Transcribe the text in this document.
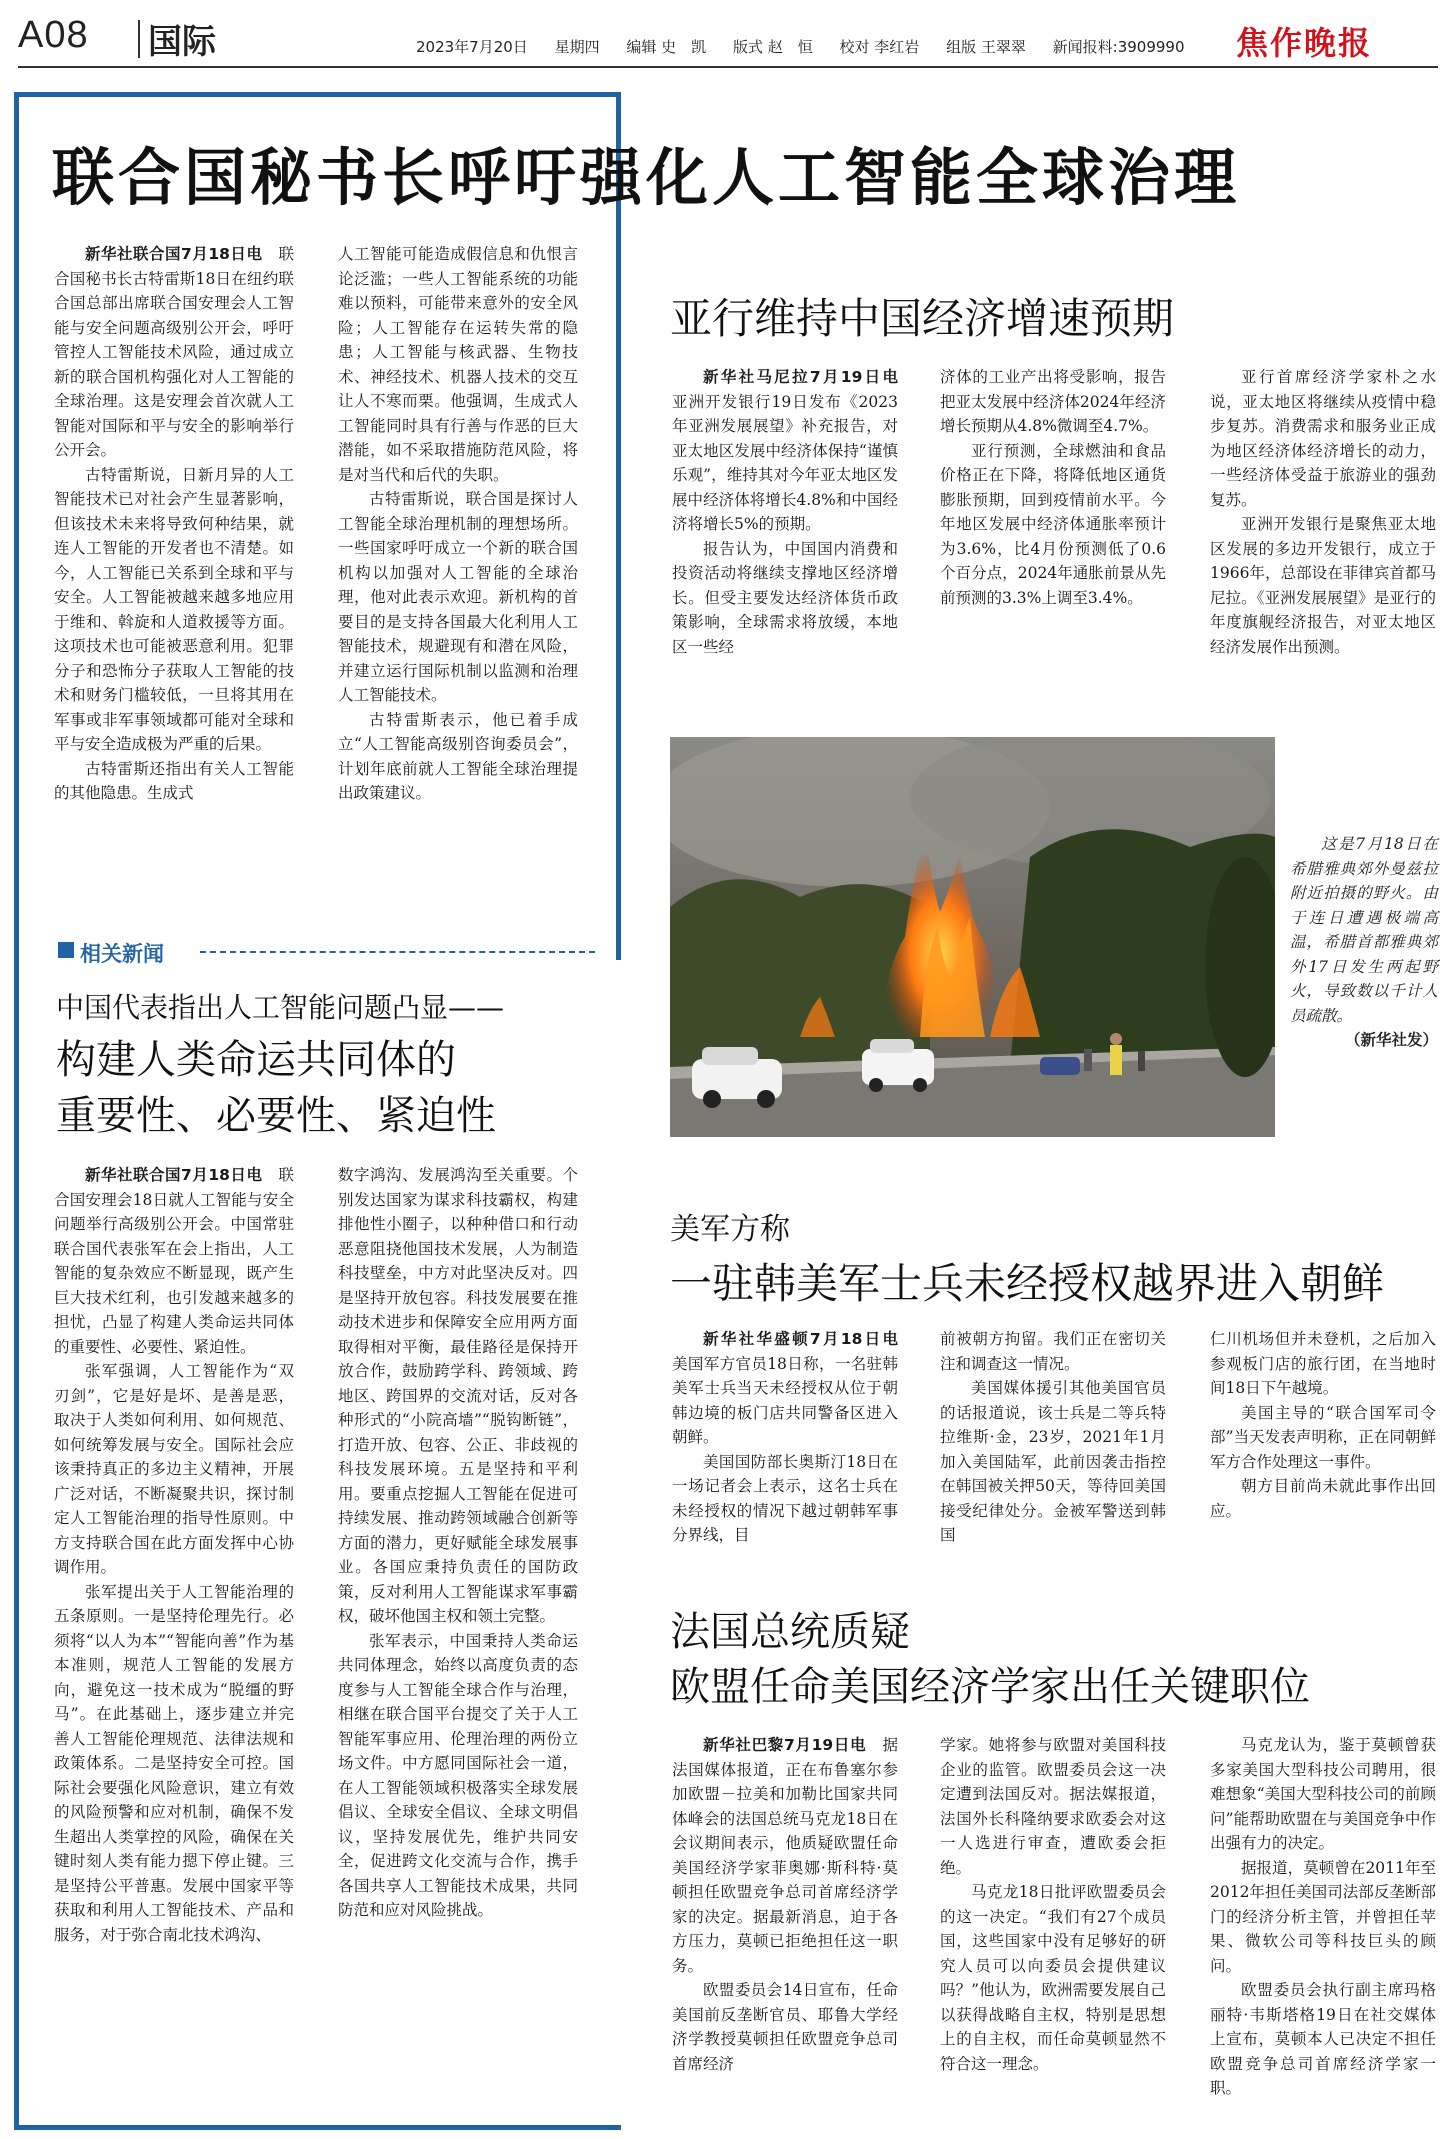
A08 国际	2023年7月20日 星期四 编辑 史　凯 版式 赵　恒 校对 李红岩 组版 王翠翠 新闻报料:3909990	焦作晚报
联合国秘书长呼吁强化人工智能全球治理

新华社联合国7月18日电　 联合国秘书长古特雷斯18日在纽约联合国总部出席联合国安理会人工智能与安全问题高级别公开会，呼吁管控人工智能技术风险，通过成立新的联合国机构强化对人工智能的全球治理。这是安理会首次就人工智能对国际和平与安全的影响举行公开会。

古特雷斯说，日新月异的人工智能技术已对社会产生显著影响，但该技术未来将导致何种结果，就连人工智能的开发者也不清楚。如今，人工智能已关系到全球和平与安全。人工智能被越来越多地应用于维和、斡旋和人道救援等方面。这项技术也可能被恶意利用。犯罪分子和恐怖分子获取人工智能的技术和财务门槛较低，一旦将其用在军事或非军事领域都可能对全球和平与安全造成极为严重的后果。

古特雷斯还指出有关人工智能的其他隐患。生成式

人工智能可能造成假信息和仇恨言论泛滥；一些人工智能系统的功能难以预料，可能带来意外的安全风险；人工智能存在运转失常的隐患；人工智能与核武器、生物技术、神经技术、机器人技术的交互让人不寒而栗。他强调，生成式人工智能同时具有行善与作恶的巨大潜能，如不采取措施防范风险，将是对当代和后代的失职。

古特雷斯说，联合国是探讨人工智能全球治理机制的理想场所。一些国家呼吁成立一个新的联合国机构以加强对人工智能的全球治理，他对此表示欢迎。新机构的首要目的是支持各国最大化利用人工智能技术，规避现有和潜在风险，并建立运行国际机制以监测和治理人工智能技术。

古特雷斯表示，他已着手成立“人工智能高级别咨询委员会”，计划年底前就人工智能全球治理提出政策建议。

相关新闻
中国代表指出人工智能问题凸显——
构建人类命运共同体的
重要性、必要性、紧迫性

新华社联合国7月18日电　 联合国安理会18日就人工智能与安全问题举行高级别公开会。中国常驻联合国代表张军在会上指出，人工智能的复杂效应不断显现，既产生巨大技术红利，也引发越来越多的担忧，凸显了构建人类命运共同体的重要性、必要性、紧迫性。

张军强调，人工智能作为“双刃剑”，它是好是坏、是善是恶，取决于人类如何利用、如何规范、如何统筹发展与安全。国际社会应该秉持真正的多边主义精神，开展广泛对话，不断凝聚共识，探讨制定人工智能治理的指导性原则。中方支持联合国在此方面发挥中心协调作用。

张军提出关于人工智能治理的五条原则。一是坚持伦理先行。必须将“以人为本”“智能向善”作为基本准则，规范人工智能的发展方向，避免这一技术成为“脱缰的野马”。在此基础上，逐步建立并完善人工智能伦理规范、法律法规和政策体系。二是坚持安全可控。国际社会要强化风险意识，建立有效的风险预警和应对机制，确保不发生超出人类掌控的风险，确保在关键时刻人类有能力摁下停止键。三是坚持公平普惠。发展中国家平等获取和利用人工智能技术、产品和服务，对于弥合南北技术鸿沟、

数字鸿沟、发展鸿沟至关重要。个别发达国家为谋求科技霸权，构建排他性小圈子，以种种借口和行动恶意阻挠他国技术发展，人为制造科技壁垒，中方对此坚决反对。四是坚持开放包容。科技发展要在推动技术进步和保障安全应用两方面取得相对平衡，最佳路径是保持开放合作，鼓励跨学科、跨领域、跨地区、跨国界的交流对话，反对各种形式的“小院高墙”“脱钩断链”，打造开放、包容、公正、非歧视的科技发展环境。五是坚持和平利用。要重点挖掘人工智能在促进可持续发展、推动跨领域融合创新等方面的潜力，更好赋能全球发展事业。各国应秉持负责任的国防政策，反对利用人工智能谋求军事霸权，破坏他国主权和领土完整。

张军表示，中国秉持人类命运共同体理念，始终以高度负责的态度参与人工智能全球合作与治理，相继在联合国平台提交了关于人工智能军事应用、伦理治理的两份立场文件。中方愿同国际社会一道，在人工智能领域积极落实全球发展倡议、全球安全倡议、全球文明倡议，坚持发展优先，维护共同安全，促进跨文化交流与合作，携手各国共享人工智能技术成果，共同防范和应对风险挑战。

亚行维持中国经济增速预期

新华社马尼拉7月19日电　亚洲开发银行19日发布《2023年亚洲发展展望》补充报告，对亚太地区发展中经济体保持“谨慎乐观”，维持其对今年亚太地区发展中经济体将增长4.8%和中国经济将增长5%的预期。

报告认为，中国国内消费和投资活动将继续支撑地区经济增长。但受主要发达经济体货币政策影响，全球需求将放缓，本地区一些经

济体的工业产出将受影响，报告把亚太发展中经济体2024年经济增长预期从4.8%微调至4.7%。

亚行预测，全球燃油和食品价格正在下降，将降低地区通货膨胀预期，回到疫情前水平。今年地区发展中经济体通胀率预计为3.6%，比4月份预测低了0.6个百分点，2024年通胀前景从先前预测的3.3%上调至3.4%。

亚行首席经济学家朴之水说，亚太地区将继续从疫情中稳步复苏。消费需求和服务业正成为地区经济体经济增长的动力，一些经济体受益于旅游业的强劲复苏。

亚洲开发银行是聚焦亚太地区发展的多边开发银行，成立于1966年，总部设在菲律宾首都马尼拉。《亚洲发展展望》是亚行的年度旗舰经济报告，对亚太地区经济发展作出预测。

这是7月18日在希腊雅典郊外曼兹拉附近拍摄的野火。由于连日遭遇极端高温，希腊首都雅典郊外17日发生两起野火，导致数以千计人员疏散。

（新华社发）

美军方称
一驻韩美军士兵未经授权越界进入朝鲜

新华社华盛顿7月18日电　美国军方官员18日称，一名驻韩美军士兵当天未经授权从位于朝韩边境的板门店共同警备区进入朝鲜。

美国国防部长奥斯汀18日在一场记者会上表示，这名士兵在未经授权的情况下越过朝韩军事分界线，目

前被朝方拘留。我们正在密切关注和调查这一情况。

美国媒体援引其他美国官员的话报道说，该士兵是二等兵特拉维斯·金，23岁，2021年1月加入美国陆军，此前因袭击指控在韩国被关押50天，等待回美国接受纪律处分。金被军警送到韩国

仁川机场但并未登机，之后加入参观板门店的旅行团，在当地时间18日下午越境。

美国主导的“联合国军司令部”当天发表声明称，正在同朝鲜军方合作处理这一事件。

朝方目前尚未就此事作出回应。

法国总统质疑
欧盟任命美国经济学家出任关键职位

新华社巴黎7月19日电　 据法国媒体报道，正在布鲁塞尔参加欧盟－拉美和加勒比国家共同体峰会的法国总统马克龙18日在会议期间表示，他质疑欧盟任命美国经济学家菲奥娜·斯科特·莫顿担任欧盟竞争总司首席经济学家的决定。据最新消息，迫于各方压力，莫顿已拒绝担任这一职务。

欧盟委员会14日宣布，任命美国前反垄断官员、耶鲁大学经济学教授莫顿担任欧盟竞争总司首席经济

学家。她将参与欧盟对美国科技企业的监管。欧盟委员会这一决定遭到法国反对。据法媒报道，法国外长科隆纳要求欧委会对这一人选进行审查，遭欧委会拒绝。

马克龙18日批评欧盟委员会的这一决定。“我们有27个成员国，这些国家中没有足够好的研究人员可以向委员会提供建议吗？”他认为，欧洲需要发展自己以获得战略自主权，特别是思想上的自主权，而任命莫顿显然不符合这一理念。

马克龙认为，鉴于莫顿曾获多家美国大型科技公司聘用，很难想象“美国大型科技公司的前顾问”能帮助欧盟在与美国竞争中作出强有力的决定。

据报道，莫顿曾在2011年至2012年担任美国司法部反垄断部门的经济分析主管，并曾担任苹果、微软公司等科技巨头的顾问。

欧盟委员会执行副主席玛格丽特·韦斯塔格19日在社交媒体上宣布，莫顿本人已决定不担任欧盟竞争总司首席经济学家一职。
